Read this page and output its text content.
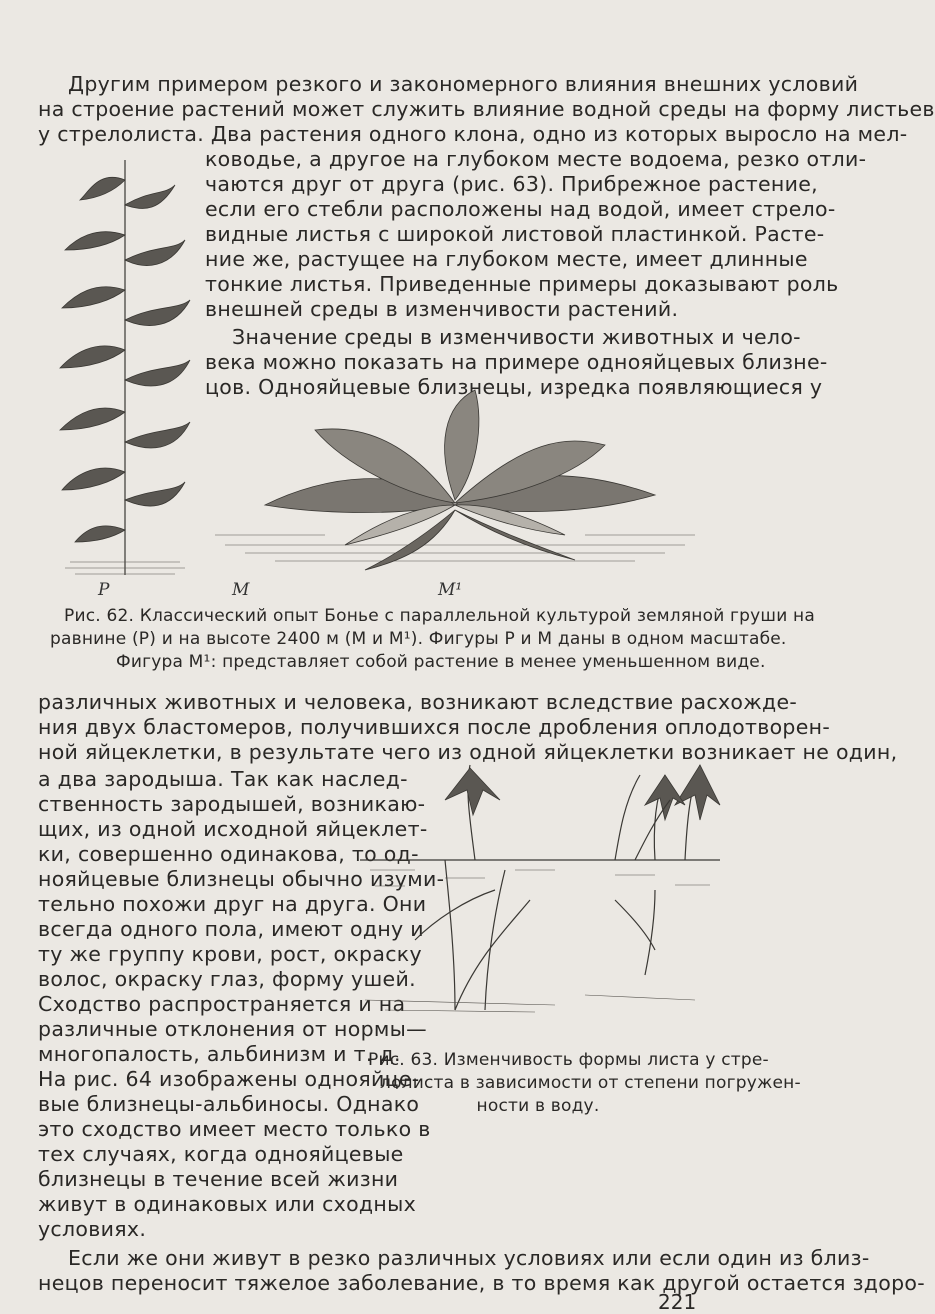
Другим примером резкого и закономерного влияния внешних условий
на строение растений может служить влияние водной среды на форму листьев
у стрелолиста. Два растения одного клона, одно из которых выросло на мел-
ководье, а другое на глубоком месте водоема, резко отли-
чаются друг от друга (рис. 63). Прибрежное растение,
если его стебли расположены над водой, имеет стрело-
видные листья с широкой листовой пластинкой. Расте-
ние же, растущее на глубоком месте, имеет длинные
тонкие листья. Приведенные примеры доказывают роль
внешней среды в изменчивости растений.
Значение среды в изменчивости животных и чело-
века можно показать на примере однояйцевых близне-
цов. Однояйцевые близнецы, изредка появляющиеся у
P	M	M¹
Рис. 62. Классический опыт Бонье с параллельной культурой земляной груши на
равнине (P) и на высоте 2400 м (M и M¹). Фигуры P и M даны в одном масштабе.
Фигура M¹: представляет собой растение в менее уменьшенном виде.
различных животных и человека, возникают вследствие расхожде-
ния двух бластомеров, получившихся после дробления оплодотворен-
ной яйцеклетки, в результате чего из одной яйцеклетки возникает не один,
а два зародыша. Так как наслед-
ственность зародышей, возникаю-
щих, из одной исходной яйцеклет-
ки, совершенно одинакова, то од-
нояйцевые близнецы обычно изуми-
тельно похожи друг на друга. Они
всегда одного пола, имеют одну и
ту же группу крови, рост, окраску
волос, окраску глаз, форму ушей.
Сходство распространяется и на
различные отклонения от нормы—
многопалость, альбинизм и т. д.
На рис. 64 изображены однояйце-
вые близнецы-альбиносы. Однако
это сходство имеет место только в
тех случаях, когда однояйцевые
близнецы в течение всей жизни
живут в одинаковых или сходных
условиях.
Рис. 63. Изменчивость формы листа у стре-
лолиста в зависимости от степени погружен-
ности в воду.
Если же они живут в резко различных условиях или если один из близ-
нецов переносит тяжелое заболевание, в то время как другой остается здоро-
221
